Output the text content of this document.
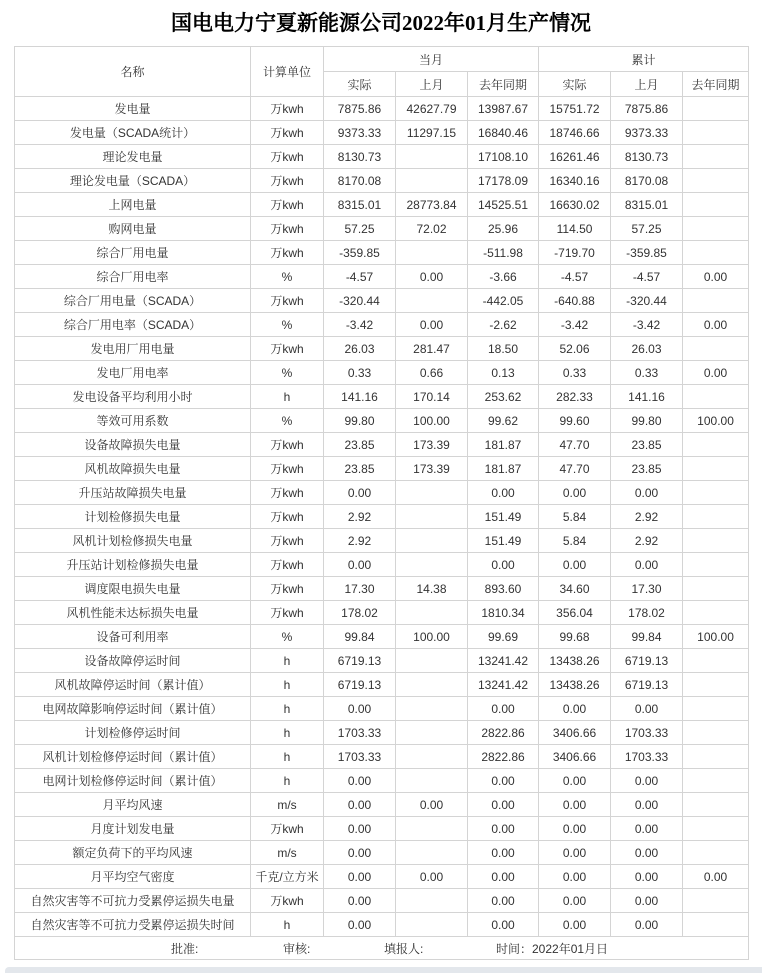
国电电力宁夏新能源公司2022年01月生产情况
名称	计算单位	当月			累计		
		实际	上月	去年同期	实际	上月	去年同期
发电量	万kwh	7875.86	42627.79	13987.67	15751.72	7875.86	
发电量（SCADA统计）	万kwh	9373.33	11297.15	16840.46	18746.66	9373.33	
理论发电量	万kwh	8130.73		17108.10	16261.46	8130.73	
理论发电量（SCADA）	万kwh	8170.08		17178.09	16340.16	8170.08	
上网电量	万kwh	8315.01	28773.84	14525.51	16630.02	8315.01	
购网电量	万kwh	57.25	72.02	25.96	114.50	57.25	
综合厂用电量	万kwh	-359.85		-511.98	-719.70	-359.85	
综合厂用电率	%	-4.57	0.00	-3.66	-4.57	-4.57	0.00
综合厂用电量（SCADA）	万kwh	-320.44		-442.05	-640.88	-320.44	
综合厂用电率（SCADA）	%	-3.42	0.00	-2.62	-3.42	-3.42	0.00
发电用厂用电量	万kwh	26.03	281.47	18.50	52.06	26.03	
发电厂用电率	%	0.33	0.66	0.13	0.33	0.33	0.00
发电设备平均利用小时	h	141.16	170.14	253.62	282.33	141.16	
等效可用系数	%	99.80	100.00	99.62	99.60	99.80	100.00
设备故障损失电量	万kwh	23.85	173.39	181.87	47.70	23.85	
风机故障损失电量	万kwh	23.85	173.39	181.87	47.70	23.85	
升压站故障损失电量	万kwh	0.00		0.00	0.00	0.00	
计划检修损失电量	万kwh	2.92		151.49	5.84	2.92	
风机计划检修损失电量	万kwh	2.92		151.49	5.84	2.92	
升压站计划检修损失电量	万kwh	0.00		0.00	0.00	0.00	
调度限电损失电量	万kwh	17.30	14.38	893.60	34.60	17.30	
风机性能未达标损失电量	万kwh	178.02		1810.34	356.04	178.02	
设备可利用率	%	99.84	100.00	99.69	99.68	99.84	100.00
设备故障停运时间	h	6719.13		13241.42	13438.26	6719.13	
风机故障停运时间（累计值）	h	6719.13		13241.42	13438.26	6719.13	
电网故障影响停运时间（累计值）	h	0.00		0.00	0.00	0.00	
计划检修停运时间	h	1703.33		2822.86	3406.66	1703.33	
风机计划检修停运时间（累计值）	h	1703.33		2822.86	3406.66	1703.33	
电网计划检修停运时间（累计值）	h	0.00		0.00	0.00	0.00	
月平均风速	m/s	0.00	0.00	0.00	0.00	0.00	
月度计划发电量	万kwh	0.00		0.00	0.00	0.00	
额定负荷下的平均风速	m/s	0.00		0.00	0.00	0.00	
月平均空气密度	千克/立方米	0.00	0.00	0.00	0.00	0.00	0.00
自然灾害等不可抗力受累停运损失电量	万kwh	0.00		0.00	0.00	0.00	
自然灾害等不可抗力受累停运损失时间	h	0.00		0.00	0.00	0.00	

批准: 审核: 填报人: 时间：2022年01月日							
